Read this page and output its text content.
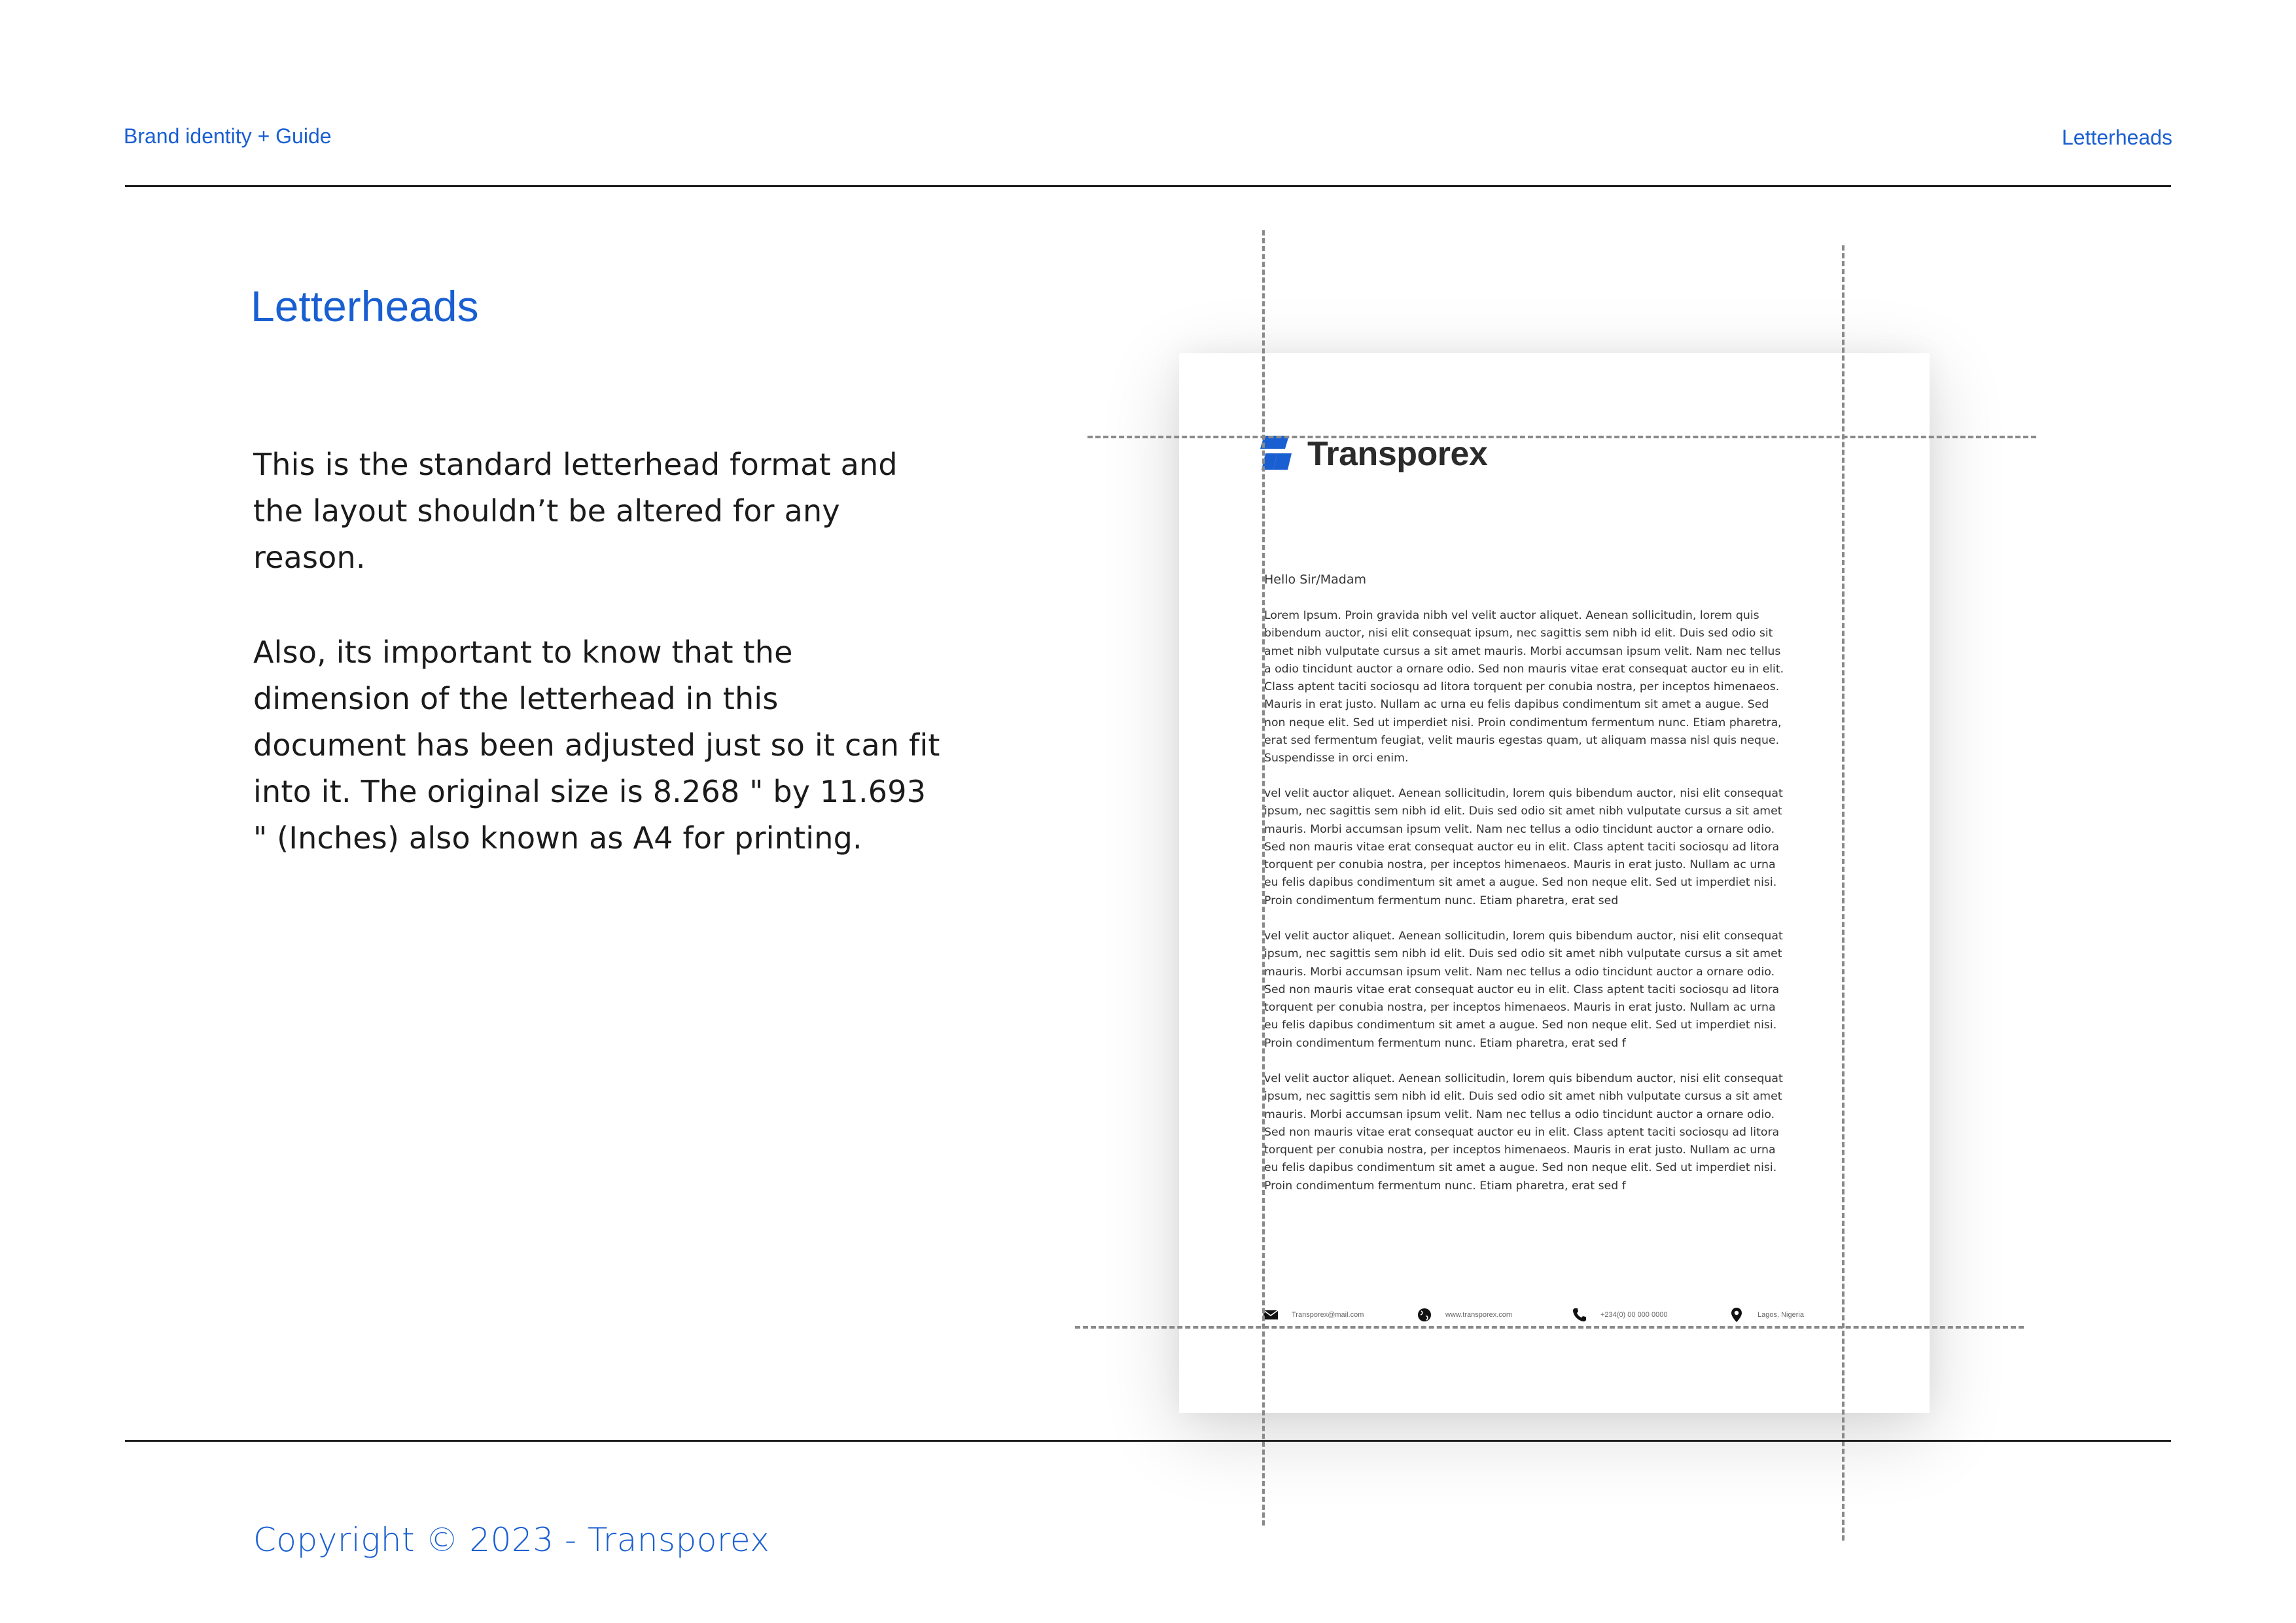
Brand identity + Guide	Letterheads
Letterheads
This is the standard letterhead format and the layout shouldn’t be altered for any reason.
Also, its important to know that the dimension of the letterhead in this document has been adjusted just so it can fit into it. The original size is 8.268 " by 11.693 " (Inches) also known as A4 for printing.
Transporex
Hello Sir/Madam

Lorem Ipsum. Proin gravida nibh vel velit auctor aliquet. Aenean sollicitudin, lorem quis
bibendum auctor, nisi elit consequat ipsum, nec sagittis sem nibh id elit. Duis sed odio sit
amet nibh vulputate cursus a sit amet mauris. Morbi accumsan ipsum velit. Nam nec tellus
a odio tincidunt auctor a ornare odio. Sed non mauris vitae erat consequat auctor eu in elit.
Class aptent taciti sociosqu ad litora torquent per conubia nostra, per inceptos himenaeos.
Mauris in erat justo. Nullam ac urna eu felis dapibus condimentum sit amet a augue. Sed
non neque elit. Sed ut imperdiet nisi. Proin condimentum fermentum nunc. Etiam pharetra,
erat sed fermentum feugiat, velit mauris egestas quam, ut aliquam massa nisl quis neque.
Suspendisse in orci enim.

vel velit auctor aliquet. Aenean sollicitudin, lorem quis bibendum auctor, nisi elit consequat
ipsum, nec sagittis sem nibh id elit. Duis sed odio sit amet nibh vulputate cursus a sit amet
mauris. Morbi accumsan ipsum velit. Nam nec tellus a odio tincidunt auctor a ornare odio.
Sed non mauris vitae erat consequat auctor eu in elit. Class aptent taciti sociosqu ad litora
torquent per conubia nostra, per inceptos himenaeos. Mauris in erat justo. Nullam ac urna
eu felis dapibus condimentum sit amet a augue. Sed non neque elit. Sed ut imperdiet nisi.
Proin condimentum fermentum nunc. Etiam pharetra, erat sed

vel velit auctor aliquet. Aenean sollicitudin, lorem quis bibendum auctor, nisi elit consequat
ipsum, nec sagittis sem nibh id elit. Duis sed odio sit amet nibh vulputate cursus a sit amet
mauris. Morbi accumsan ipsum velit. Nam nec tellus a odio tincidunt auctor a ornare odio.
Sed non mauris vitae erat consequat auctor eu in elit. Class aptent taciti sociosqu ad litora
torquent per conubia nostra, per inceptos himenaeos. Mauris in erat justo. Nullam ac urna
eu felis dapibus condimentum sit amet a augue. Sed non neque elit. Sed ut imperdiet nisi.
Proin condimentum fermentum nunc. Etiam pharetra, erat sed f

vel velit auctor aliquet. Aenean sollicitudin, lorem quis bibendum auctor, nisi elit consequat
ipsum, nec sagittis sem nibh id elit. Duis sed odio sit amet nibh vulputate cursus a sit amet
mauris. Morbi accumsan ipsum velit. Nam nec tellus a odio tincidunt auctor a ornare odio.
Sed non mauris vitae erat consequat auctor eu in elit. Class aptent taciti sociosqu ad litora
torquent per conubia nostra, per inceptos himenaeos. Mauris in erat justo. Nullam ac urna
eu felis dapibus condimentum sit amet a augue. Sed non neque elit. Sed ut imperdiet nisi.
Proin condimentum fermentum nunc. Etiam pharetra, erat sed f

Transporex@mail.com	www.transporex.com	+234(0) 00 000 0000	Lagos, Nigeria
Copyright © 2023 - Transporex
